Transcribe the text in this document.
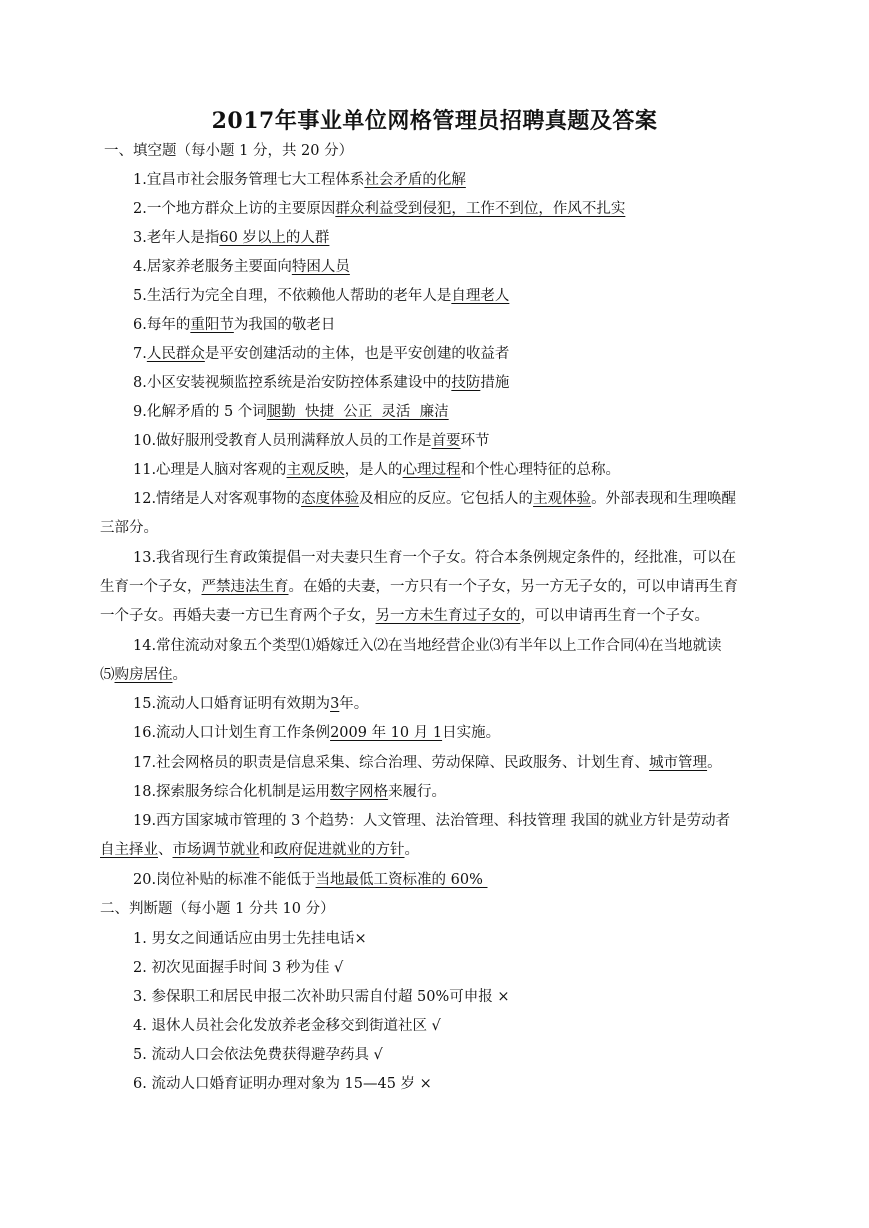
2017年事业单位网格管理员招聘真题及答案
一、填空题（每小题 1 分，共 20 分）
1.宜昌市社会服务管理七大工程体系社会矛盾的化解
2.一个地方群众上访的主要原因群众利益受到侵犯，工作不到位，作风不扎实
3.老年人是指60 岁以上的人群
4.居家养老服务主要面向特困人员
5.生活行为完全自理，不依赖他人帮助的老年人是自理老人
6.每年的重阳节为我国的敬老日
7.人民群众是平安创建活动的主体，也是平安创建的收益者
8.小区安装视频监控系统是治安防控体系建设中的技防措施
9.化解矛盾的 5 个词腿勤  快捷  公正  灵活  廉洁
10.做好服刑受教育人员刑满释放人员的工作是首要环节
11.心理是人脑对客观的主观反映，是人的心理过程和个性心理特征的总称。
12.情绪是人对客观事物的态度体验及相应的反应。它包括人的主观体验。外部表现和生理唤醒
三部分。
13.我省现行生育政策提倡一对夫妻只生育一个子女。符合本条例规定条件的，经批准，可以在
生育一个子女，严禁违法生育。在婚的夫妻，一方只有一个子女，另一方无子女的，可以申请再生育
一个子女。再婚夫妻一方已生育两个子女，另一方未生育过子女的，可以申请再生育一个子女。
14.常住流动对象五个类型⑴婚嫁迁入⑵在当地经营企业⑶有半年以上工作合同⑷在当地就读
⑸购房居住。
15.流动人口婚育证明有效期为3年。
16.流动人口计划生育工作条例2009 年 10 月 1日实施。
17.社会网格员的职责是信息采集、综合治理、劳动保障、民政服务、计划生育、城市管理。
18.探索服务综合化机制是运用数字网格来履行。
19.西方国家城市管理的 3 个趋势：人文管理、法治管理、科技管理 我国的就业方针是劳动者
自主择业、市场调节就业和政府促进就业的方针。
20.岗位补贴的标准不能低于当地最低工资标准的 60%
二、判断题（每小题 1 分共 10 分）
1. 男女之间通话应由男士先挂电话×
2. 初次见面握手时间 3 秒为佳 √
3. 参保职工和居民申报二次补助只需自付超 50%可申报 ×
4. 退休人员社会化发放养老金移交到街道社区 √
5. 流动人口会依法免费获得避孕药具 √
6. 流动人口婚育证明办理对象为 15—45 岁 ×
